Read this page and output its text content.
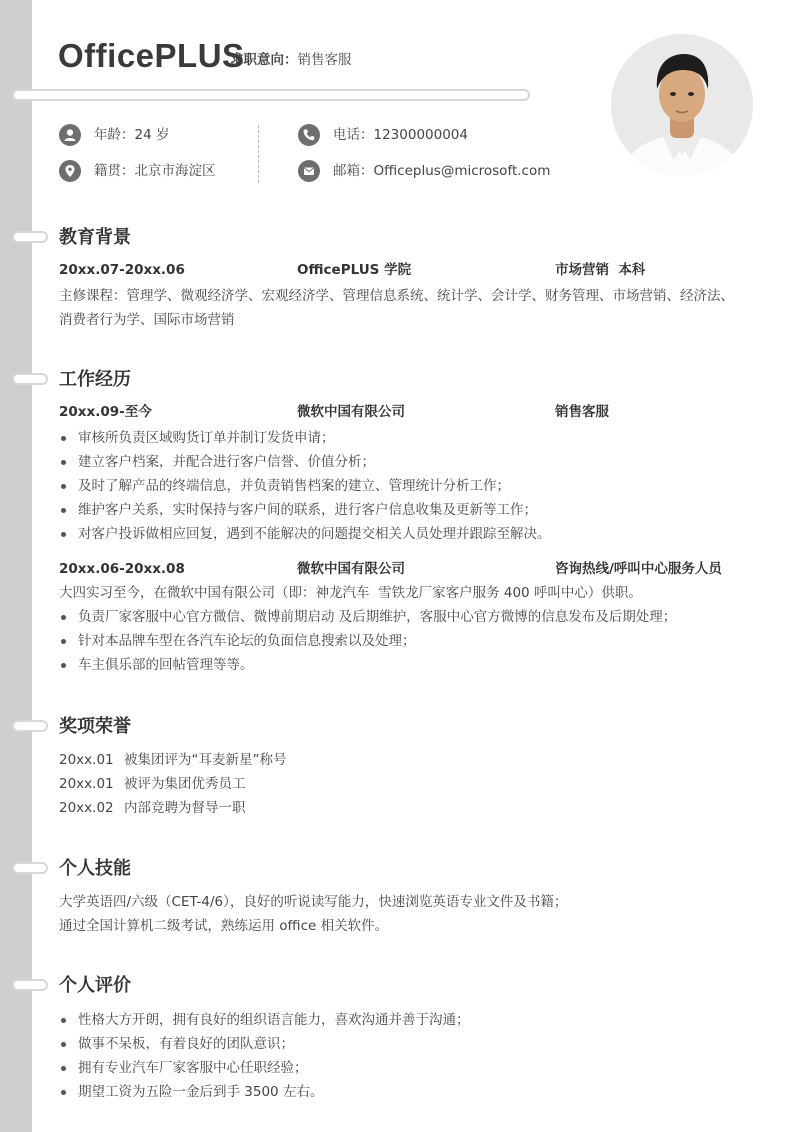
OfficePLUS
求职意向：销售客服
年龄：24 岁
籍贯：北京市海淀区
电话：12300000004
邮箱：Officeplus@microsoft.com
教育背景
20xx.07-20xx.06	OfficePLUS 学院	市场营销  本科
主修课程：管理学、微观经济学、宏观经济学、管理信息系统、统计学、会计学、财务管理、市场营销、经济法、
消费者行为学、国际市场营销
工作经历
20xx.09-至今	微软中国有限公司	销售客服
审核所负责区域购货订单并制订发货申请；
建立客户档案，并配合进行客户信誉、价值分析；
及时了解产品的终端信息，并负责销售档案的建立、管理统计分析工作；
维护客户关系，实时保持与客户间的联系，进行客户信息收集及更新等工作；
对客户投诉做相应回复，遇到不能解决的问题提交相关人员处理并跟踪至解决。
20xx.06-20xx.08	微软中国有限公司	咨询热线/呼叫中心服务人员
大四实习至今，在微软中国有限公司（即：神龙汽车  雪铁龙厂家客户服务 400 呼叫中心）供职。
负责厂家客服中心官方微信、微博前期启动 及后期维护，客服中心官方微博的信息发布及后期处理；
针对本品牌车型在各汽车论坛的负面信息搜索以及处理；
车主俱乐部的回帖管理等等。
奖项荣誉
20xx.01 被集团评为“耳麦新星”称号
20xx.01 被评为集团优秀员工
20xx.02 内部竞聘为督导一职
个人技能
大学英语四/六级（CET-4/6），良好的听说读写能力，快速浏览英语专业文件及书籍；
通过全国计算机二级考试，熟练运用 office 相关软件。
个人评价
性格大方开朗，拥有良好的组织语言能力，喜欢沟通并善于沟通；
做事不呆板，有着良好的团队意识；
拥有专业汽车厂家客服中心任职经验；
期望工资为五险一金后到手 3500 左右。
